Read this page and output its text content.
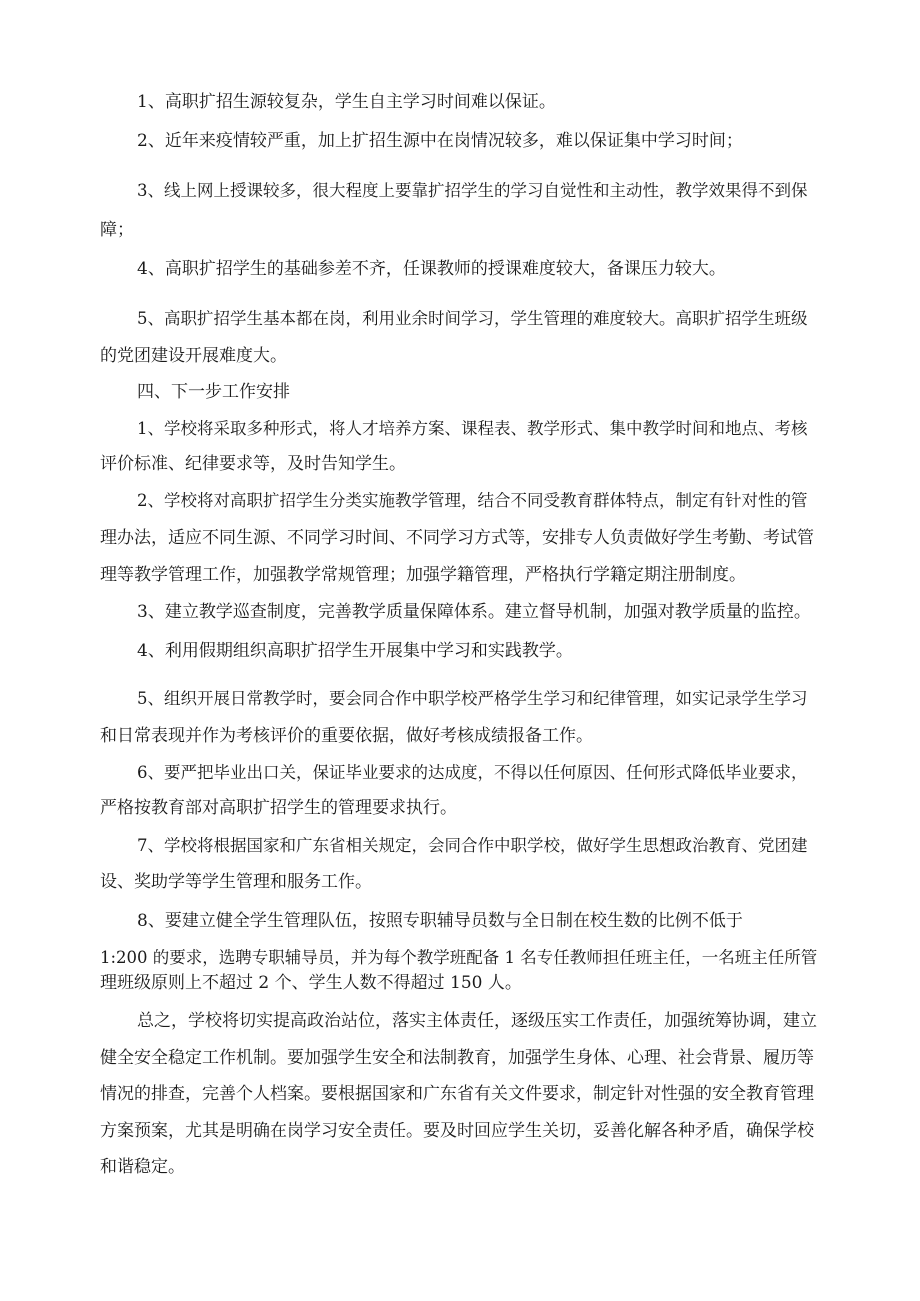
1、高职扩招生源较复杂，学生自主学习时间难以保证。

2、近年来疫情较严重，加上扩招生源中在岗情况较多，难以保证集中学习时间；

3、线上网上授课较多，很大程度上要靠扩招学生的学习自觉性和主动性，教学效果得不到保

障；

4、高职扩招学生的基础参差不齐，任课教师的授课难度较大，备课压力较大。

5、高职扩招学生基本都在岗，利用业余时间学习，学生管理的难度较大。高职扩招学生班级

的党团建设开展难度大。

四、下一步工作安排

1、学校将采取多种形式，将人才培养方案、课程表、教学形式、集中教学时间和地点、考核

评价标准、纪律要求等，及时告知学生。

2、学校将对高职扩招学生分类实施教学管理，结合不同受教育群体特点，制定有针对性的管

理办法，适应不同生源、不同学习时间、不同学习方式等，安排专人负责做好学生考勤、考试管

理等教学管理工作，加强教学常规管理；加强学籍管理，严格执行学籍定期注册制度。

3、建立教学巡查制度，完善教学质量保障体系。建立督导机制，加强对教学质量的监控。

4、利用假期组织高职扩招学生开展集中学习和实践教学。

5、组织开展日常教学时，要会同合作中职学校严格学生学习和纪律管理，如实记录学生学习

和日常表现并作为考核评价的重要依据，做好考核成绩报备工作。

6、要严把毕业出口关，保证毕业要求的达成度，不得以任何原因、任何形式降低毕业要求，

严格按教育部对高职扩招学生的管理要求执行。

7、学校将根据国家和广东省相关规定，会同合作中职学校，做好学生思想政治教育、党团建

设、奖助学等学生管理和服务工作。

8、要建立健全学生管理队伍，按照专职辅导员数与全日制在校生数的比例不低于

1:200 的要求，选聘专职辅导员，并为每个教学班配备 1 名专任教师担任班主任，一名班主任所管

理班级原则上不超过 2 个、学生人数不得超过 150 人。

总之，学校将切实提高政治站位，落实主体责任，逐级压实工作责任，加强统筹协调，建立

健全安全稳定工作机制。要加强学生安全和法制教育，加强学生身体、心理、社会背景、履历等

情况的排查，完善个人档案。要根据国家和广东省有关文件要求，制定针对性强的安全教育管理

方案预案，尤其是明确在岗学习安全责任。要及时回应学生关切，妥善化解各种矛盾，确保学校

和谐稳定。
